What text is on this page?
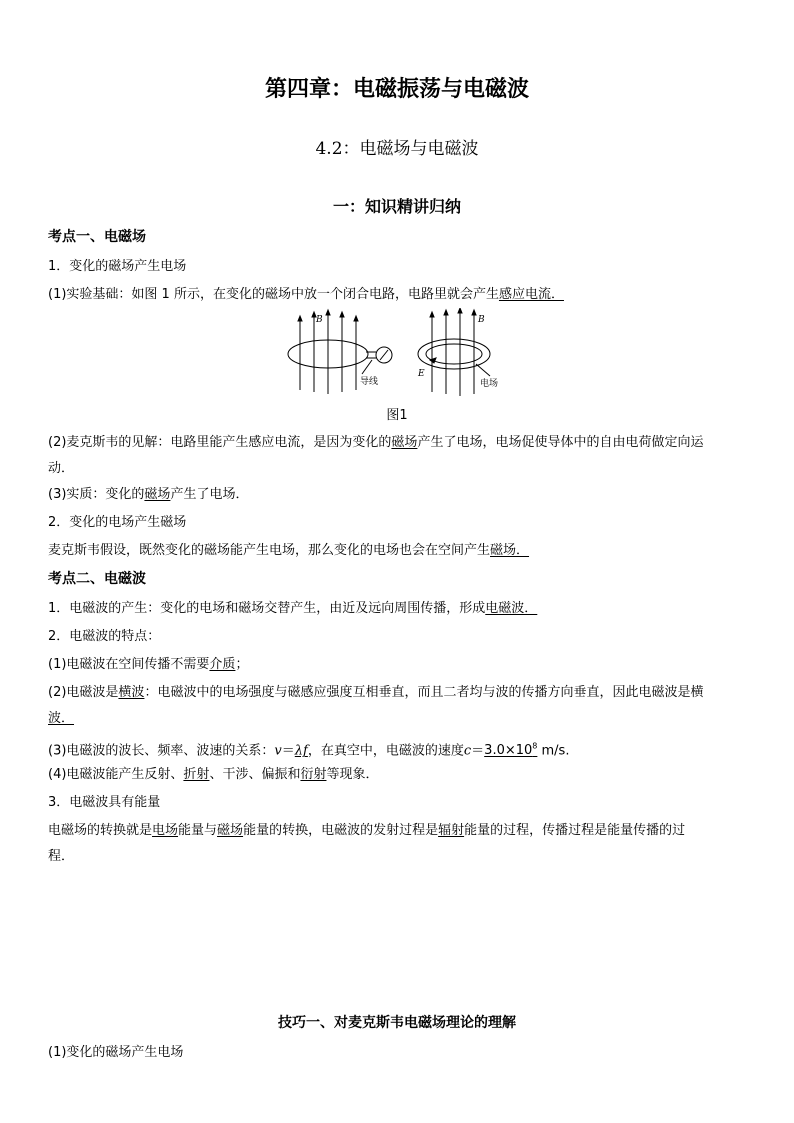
第四章：电磁振荡与电磁波
4.2：电磁场与电磁波
一：知识精讲归纳
考点一、电磁场
1．变化的磁场产生电场
(1)实验基础：如图 1 所示，在变化的磁场中放一个闭合电路，电路里就会产生感应电流．
B
导线
B
E
电场
图1
(2)麦克斯韦的见解：电路里能产生感应电流，是因为变化的磁场产生了电场，电场促使导体中的自由电荷做定向运
动．
(3)实质：变化的磁场产生了电场．
2．变化的电场产生磁场
麦克斯韦假设，既然变化的磁场能产生电场，那么变化的电场也会在空间产生磁场．
考点二、电磁波
1．电磁波的产生：变化的电场和磁场交替产生，由近及远向周围传播，形成电磁波．
2．电磁波的特点：
(1)电磁波在空间传播不需要介质；
(2)电磁波是横波：电磁波中的电场强度与磁感应强度互相垂直，而且二者均与波的传播方向垂直，因此电磁波是横
波．
(3)电磁波的波长、频率、波速的关系：v＝λf，在真空中，电磁波的速度$c=3.0\times 10^8$ m/s.
(4)电磁波能产生反射、折射、干涉、偏振和衍射等现象．
3．电磁波具有能量
电磁场的转换就是电场能量与磁场能量的转换，电磁波的发射过程是辐射能量的过程，传播过程是能量传播的过
程．
技巧一、对麦克斯韦电磁场理论的理解
(1)变化的磁场产生电场
